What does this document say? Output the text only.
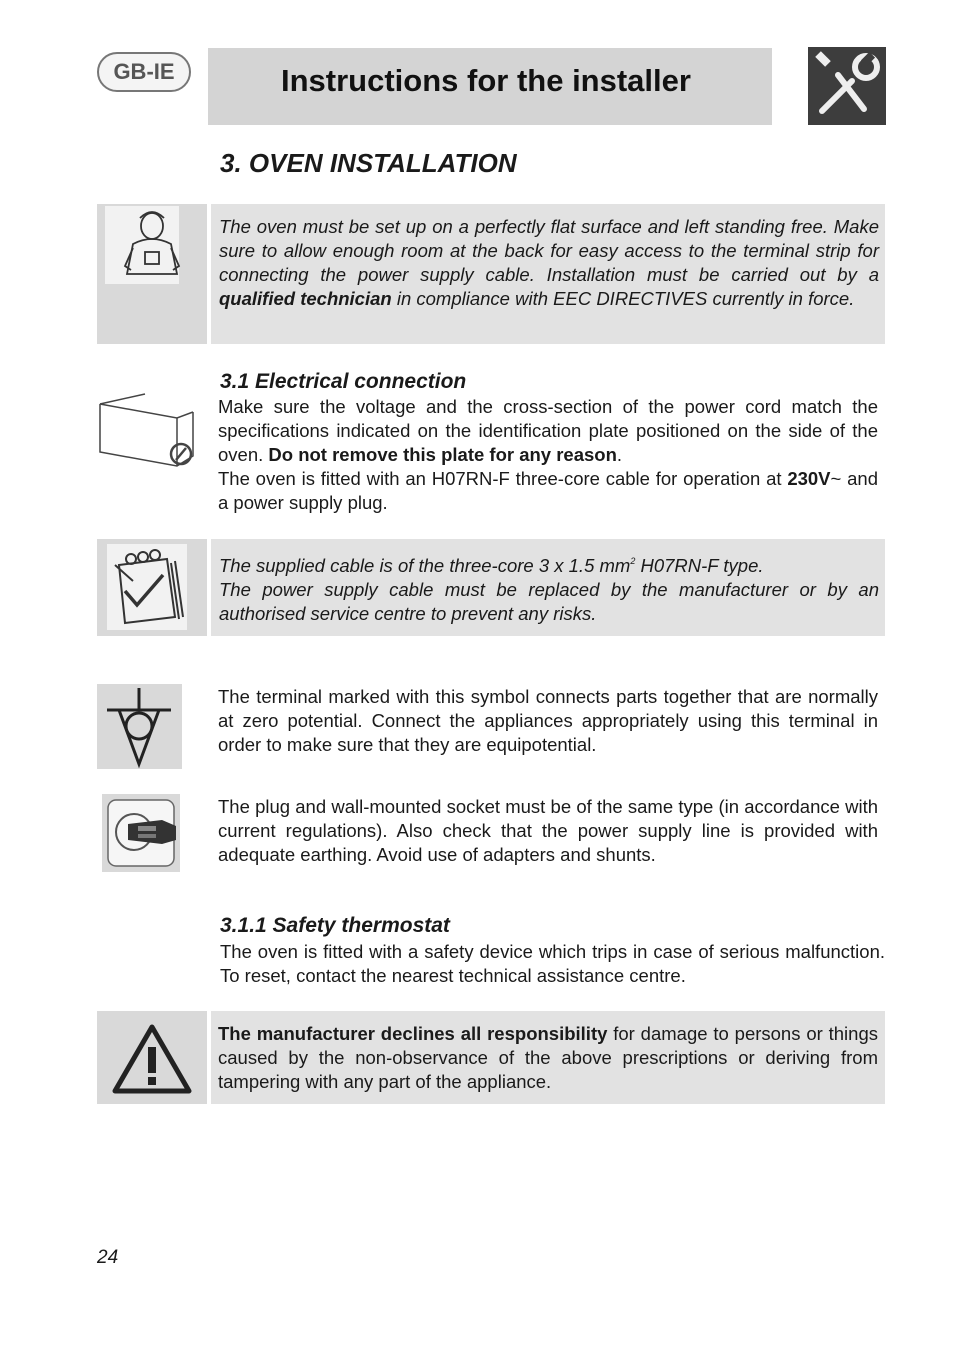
GB-IE	Instructions for the installer
3. OVEN INSTALLATION
The oven must be set up on a perfectly flat surface and left standing free. Make sure to allow enough room at the back for easy access to the terminal strip for connecting the power supply cable. Installation must be carried out by a qualified technician in compliance with EEC DIRECTIVES currently in force.
3.1 Electrical connection
Make sure the voltage and the cross-section of the power cord match the specifications indicated on the identification plate positioned on the side of the oven. Do not remove this plate for any reason.
The oven is fitted with an H07RN-F three-core cable for operation at 230V~ and a power supply plug.
The supplied cable is of the three-core 3 x 1.5 $mm^2$ H07RN-F type.
The power supply cable must be replaced by the manufacturer or by an authorised service centre to prevent any risks.
The terminal marked with this symbol connects parts together that are normally at zero potential. Connect the appliances appropriately using this terminal in order to make sure that they are equipotential.
The plug and wall-mounted socket must be of the same type (in accordance with current regulations). Also check that the power supply line is provided with adequate earthing. Avoid use of adapters and shunts.
3.1.1 Safety thermostat
The oven is fitted with a safety device which trips in case of serious malfunction. To reset, contact the nearest technical assistance centre.
The manufacturer declines all responsibility for damage to persons or things caused by the non-observance of the above prescriptions or deriving from tampering with any part of the appliance.
24
